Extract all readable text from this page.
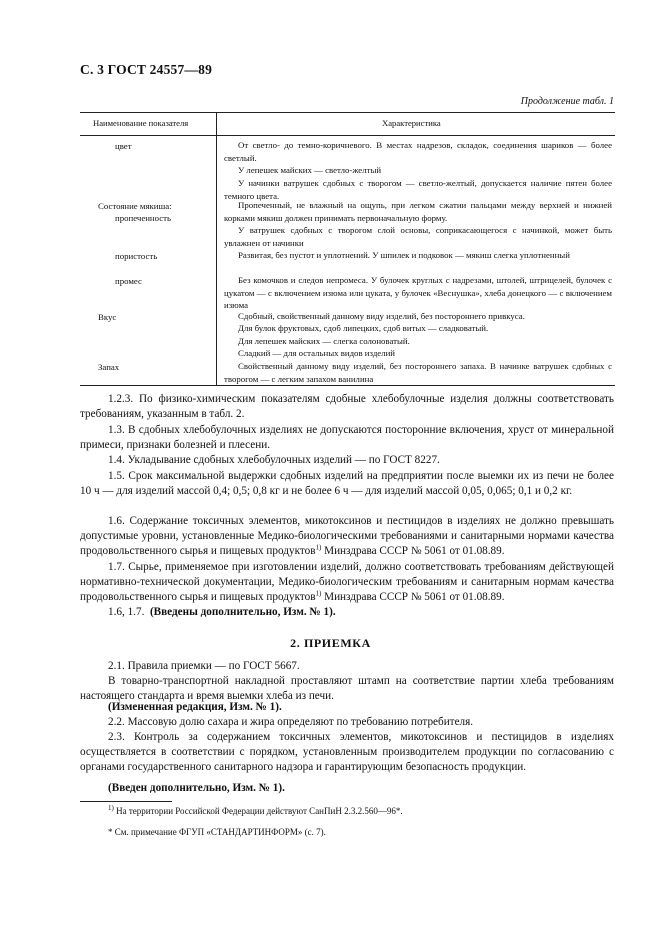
С. 3 ГОСТ 24557—89
Продолжение табл. 1
Наименование показателя	Характеристика
цвет
Состояние мякиша:
пропеченность
пористость
промес
Вкус
Запах
От светло- до темно-коричневого. В местах надрезов, складок, соединения шариков — более светлый.
У лепешек майских — светло-желтый
У начинки ватрушек сдобных с творогом — светло-желтый, допускается наличие пятен более темного цвета.
Пропеченный, не влажный на ощупь, при легком сжатии пальцами между верхней и нижней корками мякиш должен принимать первоначальную форму.
У ватрушек сдобных с творогом слой основы, соприкасающегося с начинкой, может быть увлажнен от начинки
Развитая, без пустот и уплотнений. У шпилек и подковок — мякиш слегка уплотненный
Без комочков и следов непромеса. У булочек круглых с надрезами, штолей, штрицелей, булочек с цукатом — с включением изюма или цуката, у булочек «Веснушка», хлеба донецкого — с включением изюма
Сдобный, свойственный данному виду изделий, без постороннего привкуса.
Для булок фруктовых, сдоб липецких, сдоб витых — сладковатый.
Для лепешек майских — слегка солоноватый.
Сладкий — для остальных видов изделий
Свойственный данному виду изделий, без постороннего запаха. В начинке ватрушек сдобных с творогом — с легким запахом ванилина
1.2.3. По физико-химическим показателям сдобные хлебобулочные изделия должны соответствовать требованиям, указанным в табл. 2.
1.3. В сдобных хлебобулочных изделиях не допускаются посторонние включения, хруст от минеральной примеси, признаки болезней и плесени.
1.4. Укладывание сдобных хлебобулочных изделий — по ГОСТ 8227.
1.5. Срок максимальной выдержки сдобных изделий на предприятии после выемки их из печи не более 10 ч — для изделий массой 0,4; 0,5; 0,8 кг и не более 6 ч — для изделий массой 0,05, 0,065; 0,1 и 0,2 кг.
1.6. Содержание токсичных элементов, микотоксинов и пестицидов в изделиях не должно превышать допустимые уровни, установленные Медико-биологическими требованиями и санитарными нормами качества продовольственного сырья и пищевых продуктов$^{1)}$ Минздрава СССР № 5061 от 01.08.89.
1.7. Сырье, применяемое при изготовлении изделий, должно соответствовать требованиям действующей нормативно-технической документации, Медико-биологическим требованиям и санитарным нормам качества продовольственного сырья и пищевых продуктов$^{1)}$ Минздрава СССР № 5061 от 01.08.89.
1.6, 1.7. (Введены дополнительно, Изм. № 1).
2. ПРИЕМКА
2.1. Правила приемки — по ГОСТ 5667.
В товарно-транспортной накладной проставляют штамп на соответствие партии хлеба требованиям настоящего стандарта и время выемки хлеба из печи.
(Измененная редакция, Изм. № 1).
2.2. Массовую долю сахара и жира определяют по требованию потребителя.
2.3. Контроль за содержанием токсичных элементов, микотоксинов и пестицидов в изделиях осуществляется в соответствии с порядком, установленным производителем продукции по согласованию с органами государственного санитарного надзора и гарантирующим безопасность продукции.
(Введен дополнительно, Изм. № 1).
$^{1)}$ На территории Российской Федерации действуют СанПиН 2.3.2.560—96*.
* См. примечание ФГУП «СТАНДАРТИНФОРМ» (с. 7).
